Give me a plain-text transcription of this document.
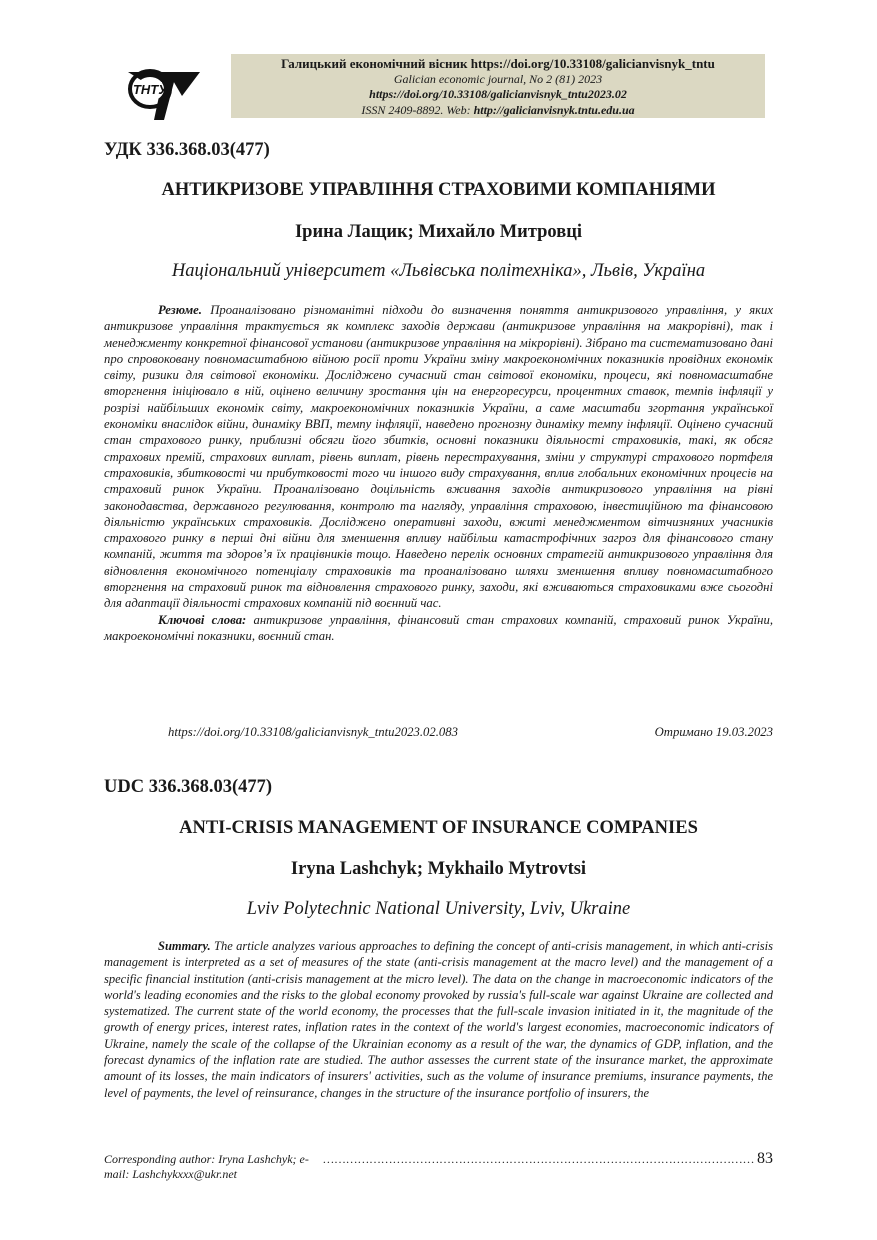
ТНТУ
Галицький економічний вісник https://doi.org/10.33108/galicianvisnyk_tntu
Galician economic journal, No 2 (81) 2023
https://doi.org/10.33108/galicianvisnyk_tntu2023.02
ISSN 2409-8892. Web: http://galicianvisnyk.tntu.edu.ua
УДК 336.368.03(477)
АНТИКРИЗОВЕ УПРАВЛІННЯ СТРАХОВИМИ КОМПАНІЯМИ
Ірина Лащик; Михайло Митровці
Національний університет «Львівська політехніка», Львів, Україна

Резюме. Проаналізовано різноманітні підходи до визначення поняття антикризового управління, у яких антикризове управління трактується як комплекс заходів держави (антикризове управління на макрорівні), так і менеджменту конкретної фінансової установи (антикризове управління на мікрорівні). Зібрано та систематизовано дані про спровоковану повномасштабною війною росії проти України зміну макроекономічних показників провідних економік світу, ризики для світової економіки. Досліджено сучасний стан світової економіки, процеси, які повномасштабне вторгнення ініціювало в ній, оцінено величину зростання цін на енергоресурси, процентних ставок, темпів інфляції у розрізі найбільших економік світу, макроекономічних показників України, а саме масштаби згортання української економіки внаслідок війни, динаміку ВВП, темпу інфляції, наведено прогнозну динаміку темпу інфляції. Оцінено сучасний стан страхового ринку, приблизні обсяги його збитків, основні показники діяльності страховиків, такі, як обсяг страхових премій, страхових виплат, рівень виплат, рівень перестрахування, зміни у структурі страхового портфеля страховиків, збитковості чи прибутковості того чи іншого виду страхування, вплив глобальних економічних процесів на страховий ринок України. Проаналізовано доцільність вживання заходів антикризового управління на рівні законодавства, державного регулювання, контролю та нагляду, управління страховою, інвестиційною та фінансовою діяльністю українських страховиків. Досліджено оперативні заходи, вжиті менеджментом вітчизняних учасників страхового ринку в перші дні війни для зменшення впливу найбільш катастрофічних загроз для фінансового стану компаній, життя та здоров’я їх працівників тощо. Наведено перелік основних стратегій антикризового управління для відновлення економічного потенціалу страховиків та проаналізовано шляхи зменшення впливу повномасштабного вторгнення на страховий ринок та відновлення страхового ринку, заходи, які вживаються страховиками вже сьогодні для адаптації діяльності страхових компаній під воєнний час.

Ключові слова: антикризове управління, фінансовий стан страхових компаній, страховий ринок України, макроекономічні показники, воєнний стан.

https://doi.org/10.33108/galicianvisnyk_tntu2023.02.083	Отримано 19.03.2023
UDC 336.368.03(477)
ANTI-CRISIS MANAGEMENT OF INSURANCE COMPANIES
Iryna Lashchyk; Mykhailo Mytrovtsi
Lviv Polytechnic National University, Lviv, Ukraine

Summary. The article analyzes various approaches to defining the concept of anti-crisis management, in which anti-crisis management is interpreted as a set of measures of the state (anti-crisis management at the macro level) and the management of a specific financial institution (anti-crisis management at the micro level). The data on the change in macroeconomic indicators of the world's leading economies and the risks to the global economy provoked by russia's full-scale war against Ukraine are collected and systematized. The current state of the world economy, the processes that the full-scale invasion initiated in it, the magnitude of the growth of energy prices, interest rates, inflation rates in the context of the world's largest economies, macroeconomic indicators of Ukraine, namely the scale of the collapse of the Ukrainian economy as a result of the war, the dynamics of GDP, inflation, and the forecast dynamics of the inflation rate are studied. The author assesses the current state of the insurance market, the approximate amount of its losses, the main indicators of insurers' activities, such as the volume of insurance premiums, insurance payments, the level of payments, the level of reinsurance, changes in the structure of the insurance portfolio of insurers, the

Corresponding author: Iryna Lashchyk; e-mail: Lashchykxxx@ukr.net
………………………………………………………………………………………………… 83
